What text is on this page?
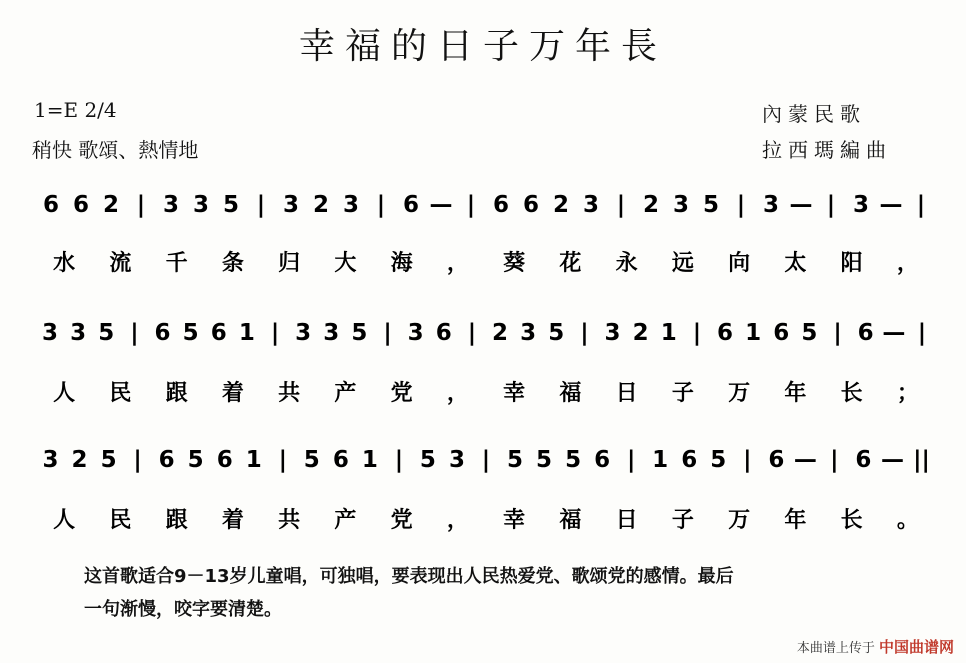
幸福的日子万年長
1=E 2/4
稍快 歌頌、熱情地
內蒙民歌
拉西瑪編曲
6 6 2 | 3 3 5 | 3 2 3 | 6 — | 6 6 2 3 | 2 3 5 | 3 — | 3 — |
水 流 千 条 归 大 海 ， 葵 花 永 远 向 太 阳 ，
3 3 5 | 6 5 6 1 | 3 3 5 | 3 6 | 2 3 5 | 3 2 1 | 6 1 6 5 | 6 — |
人 民 跟 着 共 产 党 ， 幸 福 日 子 万 年 长 ；
3 2 5 | 6 5 6 1 | 5 6 1 | 5 3 | 5 5 5 6 | 1 6 5 | 6 — | 6 — ||
人 民 跟 着 共 产 党 ， 幸 福 日 子 万 年 长 。
这首歌适合9－13岁儿童唱，可独唱，要表现出人民热爱党、歌颂党的感情。最后
一句渐慢，咬字要清楚。
本曲谱上传于 中国曲谱网
